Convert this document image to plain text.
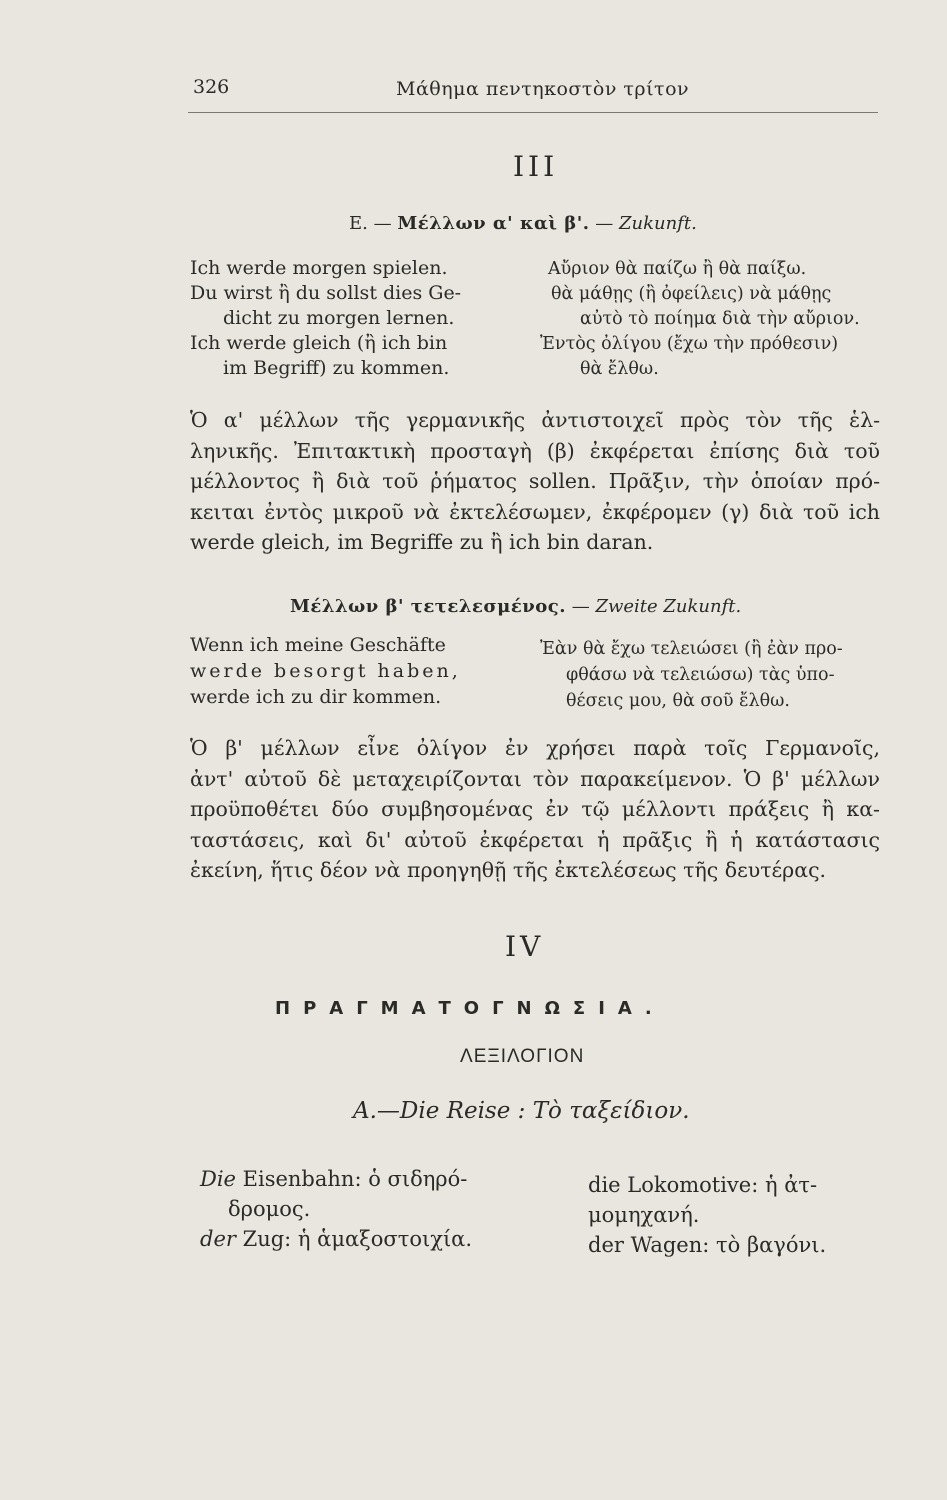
326	Μάθημα πεντηκοστὸν τρίτον
III
E. — Μέλλων α' καὶ β'. — Zukunft.
Ich werde morgen spielen.
Du wirst ἢ du sollst dies Ge-
dicht zu morgen lernen.
Ich werde gleich (ἢ ich bin
im Begriff) zu kommen.
Αὔριον θὰ παίζω ἢ θὰ παίξω.
θὰ μάθῃς (ἢ ὀφείλεις) νὰ μάθῃς
αὐτὸ τὸ ποίημα διὰ τὴν αὔριον.
Ἐντὸς ὀλίγου (ἔχω τὴν πρόθεσιν)
θὰ ἔλθω.
Ὁ α' μέλλων τῆς γερμανικῆς ἀντιστοιχεῖ πρὸς τὸν τῆς ἑλ-
ληνικῆς. Ἐπιτακτικὴ προσταγὴ (β) ἐκφέρεται ἐπίσης διὰ τοῦ
μέλλοντος ἢ διὰ τοῦ ῥήματος sollen. Πρᾶξιν, τὴν ὁποίαν πρό-
κειται ἐντὸς μικροῦ νὰ ἐκτελέσωμεν, ἐκφέρομεν (γ) διὰ τοῦ ich
werde gleich, im Begriffe zu ἢ ich bin daran.
Μέλλων β' τετελεσμένος. — Zweite Zukunft.
Wenn ich meine Geschäfte
werde besorgt haben,
werde ich zu dir kommen.
Ἐὰν θὰ ἔχω τελειώσει (ἢ ἐὰν προ-
φθάσω νὰ τελειώσω) τὰς ὑπο-
θέσεις μου, θὰ σοῦ ἔλθω.
Ὁ β' μέλλων εἶνε ὀλίγον ἐν χρήσει παρὰ τοῖς Γερμανοῖς,
ἀντ' αὐτοῦ δὲ μεταχειρίζονται τὸν παρακείμενον. Ὁ β' μέλλων
προϋποθέτει δύο συμβησομένας ἐν τῷ μέλλοντι πράξεις ἢ κα-
ταστάσεις, καὶ δι' αὐτοῦ ἐκφέρεται ἡ πρᾶξις ἢ ἡ κατάστασις
ἐκείνη, ἥτις δέον νὰ προηγηθῇ τῆς ἐκτελέσεως τῆς δευτέρας.
IV
ΠΡΑΓΜΑΤΟΓΝΩΣΙΑ.
ΛΕΞΙΛΟΓΙΟΝ
A.—Die Reise : Τὸ ταξείδιον.
Die Eisenbahn: ὁ σιδηρό-
δρομος.
der Zug: ἡ ἁμαξοστοιχία.
die Lokomotive: ἡ ἀτ-
μομηχανή.
der Wagen: τὸ βαγόνι.
